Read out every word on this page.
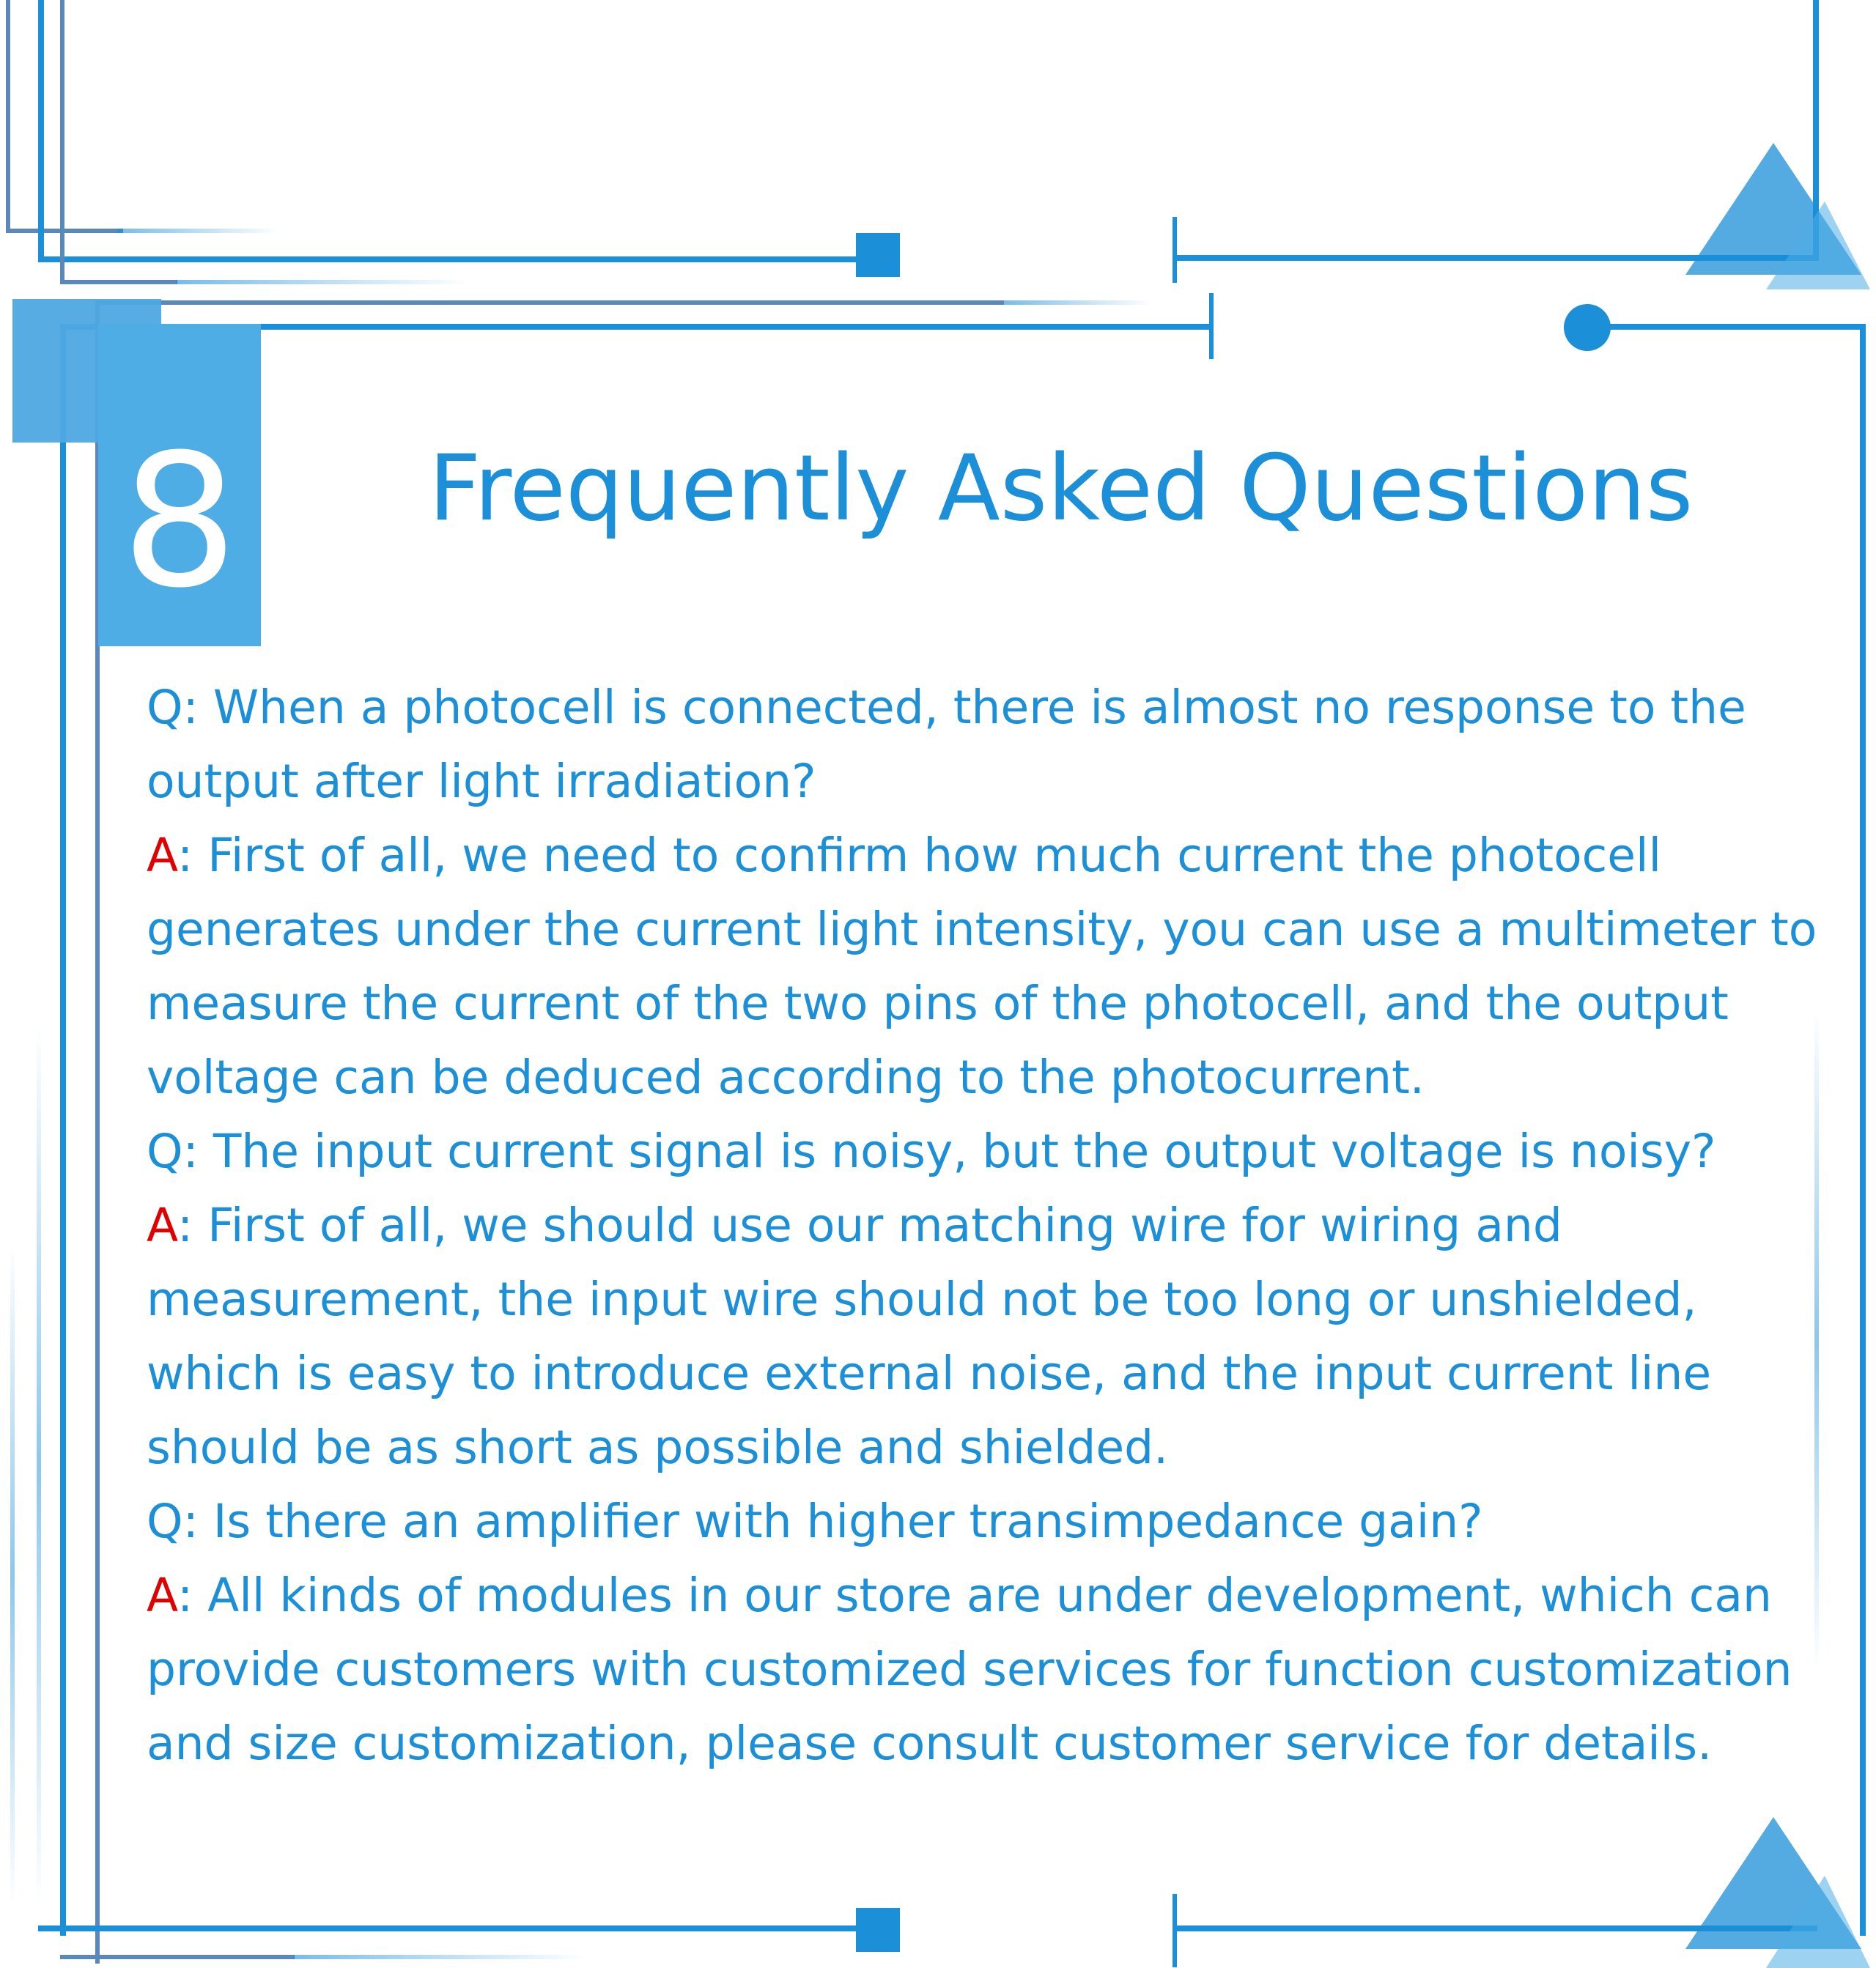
8 Frequently Asked Questions

Q: When a photocell is connected, there is almost no response to the output after light irradiation?

A: First of all, we need to confirm how much current the photocell generates under the current light intensity, you can use a multimeter to measure the current of the two pins of the photocell, and the output voltage can be deduced according to the photocurrent.

Q: The input current signal is noisy, but the output voltage is noisy?

A: First of all, we should use our matching wire for wiring and measurement, the input wire should not be too long or unshielded, which is easy to introduce external noise, and the input current line should be as short as possible and shielded.

Q: Is there an amplifier with higher transimpedance gain?

A: All kinds of modules in our store are under development, which can provide customers with customized services for function customization and size customization, please consult customer service for details.
